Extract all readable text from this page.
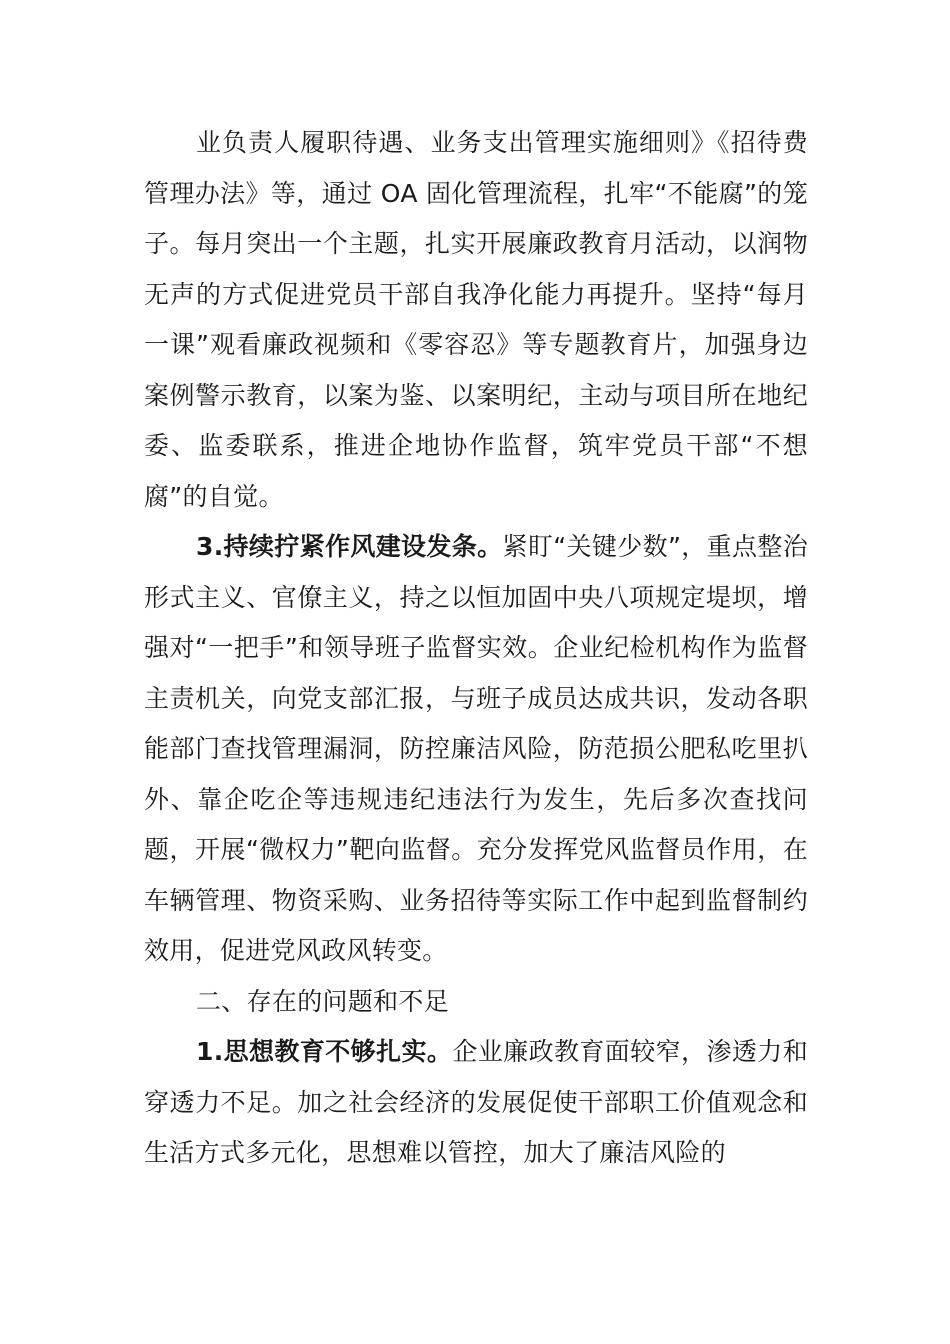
业负责人履职待遇、业务支出管理实施细则》《招待费管理办法》等，通过 OA 固化管理流程，扎牢“不能腐”的笼子。每月突出一个主题，扎实开展廉政教育月活动，以润物无声的方式促进党员干部自我净化能力再提升。坚持“每月一课”观看廉政视频和《零容忍》等专题教育片，加强身边案例警示教育，以案为鉴、以案明纪，主动与项目所在地纪委、监委联系，推进企地协作监督，筑牢党员干部“不想腐”的自觉。

3.持续拧紧作风建设发条。紧盯“关键少数”，重点整治形式主义、官僚主义，持之以恒加固中央八项规定堤坝，增强对“一把手”和领导班子监督实效。企业纪检机构作为监督主责机关，向党支部汇报，与班子成员达成共识，发动各职能部门查找管理漏洞，防控廉洁风险，防范损公肥私吃里扒外、靠企吃企等违规违纪违法行为发生，先后多次查找问题，开展“微权力”靶向监督。充分发挥党风监督员作用，在车辆管理、物资采购、业务招待等实际工作中起到监督制约效用，促进党风政风转变。

二、存在的问题和不足

1.思想教育不够扎实。企业廉政教育面较窄，渗透力和穿透力不足。加之社会经济的发展促使干部职工价值观念和生活方式多元化，思想难以管控，加大了廉洁风险的
